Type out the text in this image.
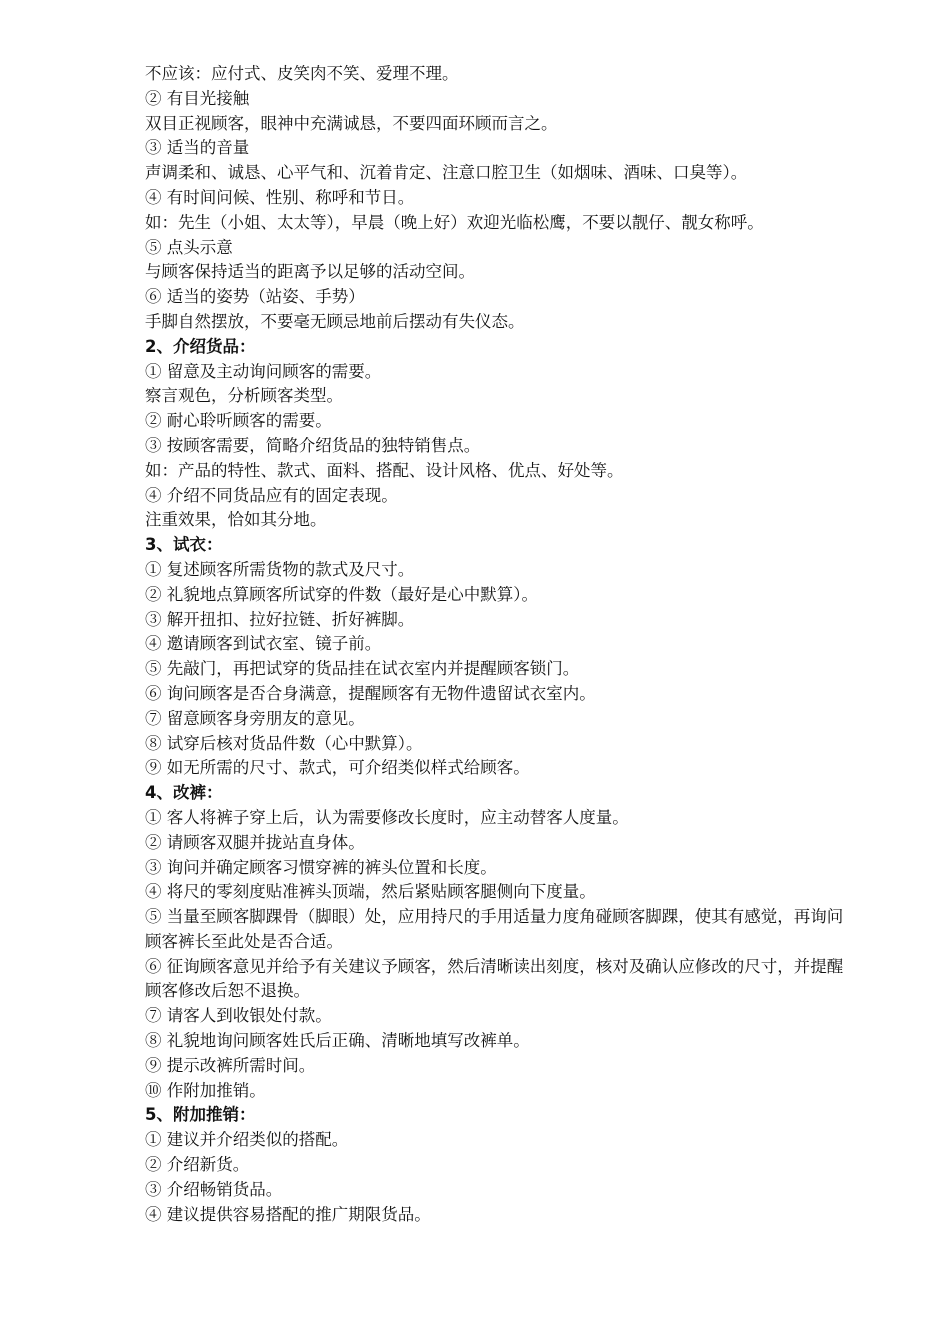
不应该：应付式、皮笑肉不笑、爱理不理。
② 有目光接触
双目正视顾客，眼神中充满诚恳，不要四面环顾而言之。
③ 适当的音量
声调柔和、诚恳、心平气和、沉着肯定、注意口腔卫生（如烟味、酒味、口臭等）。
④ 有时间问候、性别、称呼和节日。
如：先生（小姐、太太等），早晨（晚上好）欢迎光临松鹰，不要以靓仔、靓女称呼。
⑤ 点头示意
与顾客保持适当的距离予以足够的活动空间。
⑥ 适当的姿势（站姿、手势）
手脚自然摆放，不要毫无顾忌地前后摆动有失仪态。
2、介绍货品：
① 留意及主动询问顾客的需要。
察言观色，分析顾客类型。
② 耐心聆听顾客的需要。
③ 按顾客需要，简略介绍货品的独特销售点。
如：产品的特性、款式、面料、搭配、设计风格、优点、好处等。
④ 介绍不同货品应有的固定表现。
注重效果，恰如其分地。
3、试衣：
① 复述顾客所需货物的款式及尺寸。
② 礼貌地点算顾客所试穿的件数（最好是心中默算）。
③ 解开扭扣、拉好拉链、折好裤脚。
④ 邀请顾客到试衣室、镜子前。
⑤ 先敲门，再把试穿的货品挂在试衣室内并提醒顾客锁门。
⑥ 询问顾客是否合身满意，提醒顾客有无物件遗留试衣室内。
⑦ 留意顾客身旁朋友的意见。
⑧ 试穿后核对货品件数（心中默算）。
⑨ 如无所需的尺寸、款式，可介绍类似样式给顾客。
4、改裤：
① 客人将裤子穿上后，认为需要修改长度时，应主动替客人度量。
② 请顾客双腿并拢站直身体。
③ 询问并确定顾客习惯穿裤的裤头位置和长度。
④ 将尺的零刻度贴准裤头顶端，然后紧贴顾客腿侧向下度量。
⑤ 当量至顾客脚踝骨（脚眼）处，应用持尺的手用适量力度角碰顾客脚踝，使其有感觉，再询问顾客裤长至此处是否合适。
⑥ 征询顾客意见并给予有关建议予顾客，然后清晰读出刻度，核对及确认应修改的尺寸，并提醒顾客修改后恕不退换。
⑦ 请客人到收银处付款。
⑧ 礼貌地询问顾客姓氏后正确、清晰地填写改裤单。
⑨ 提示改裤所需时间。
⑩ 作附加推销。
5、附加推销：
① 建议并介绍类似的搭配。
② 介绍新货。
③ 介绍畅销货品。
④ 建议提供容易搭配的推广期限货品。
